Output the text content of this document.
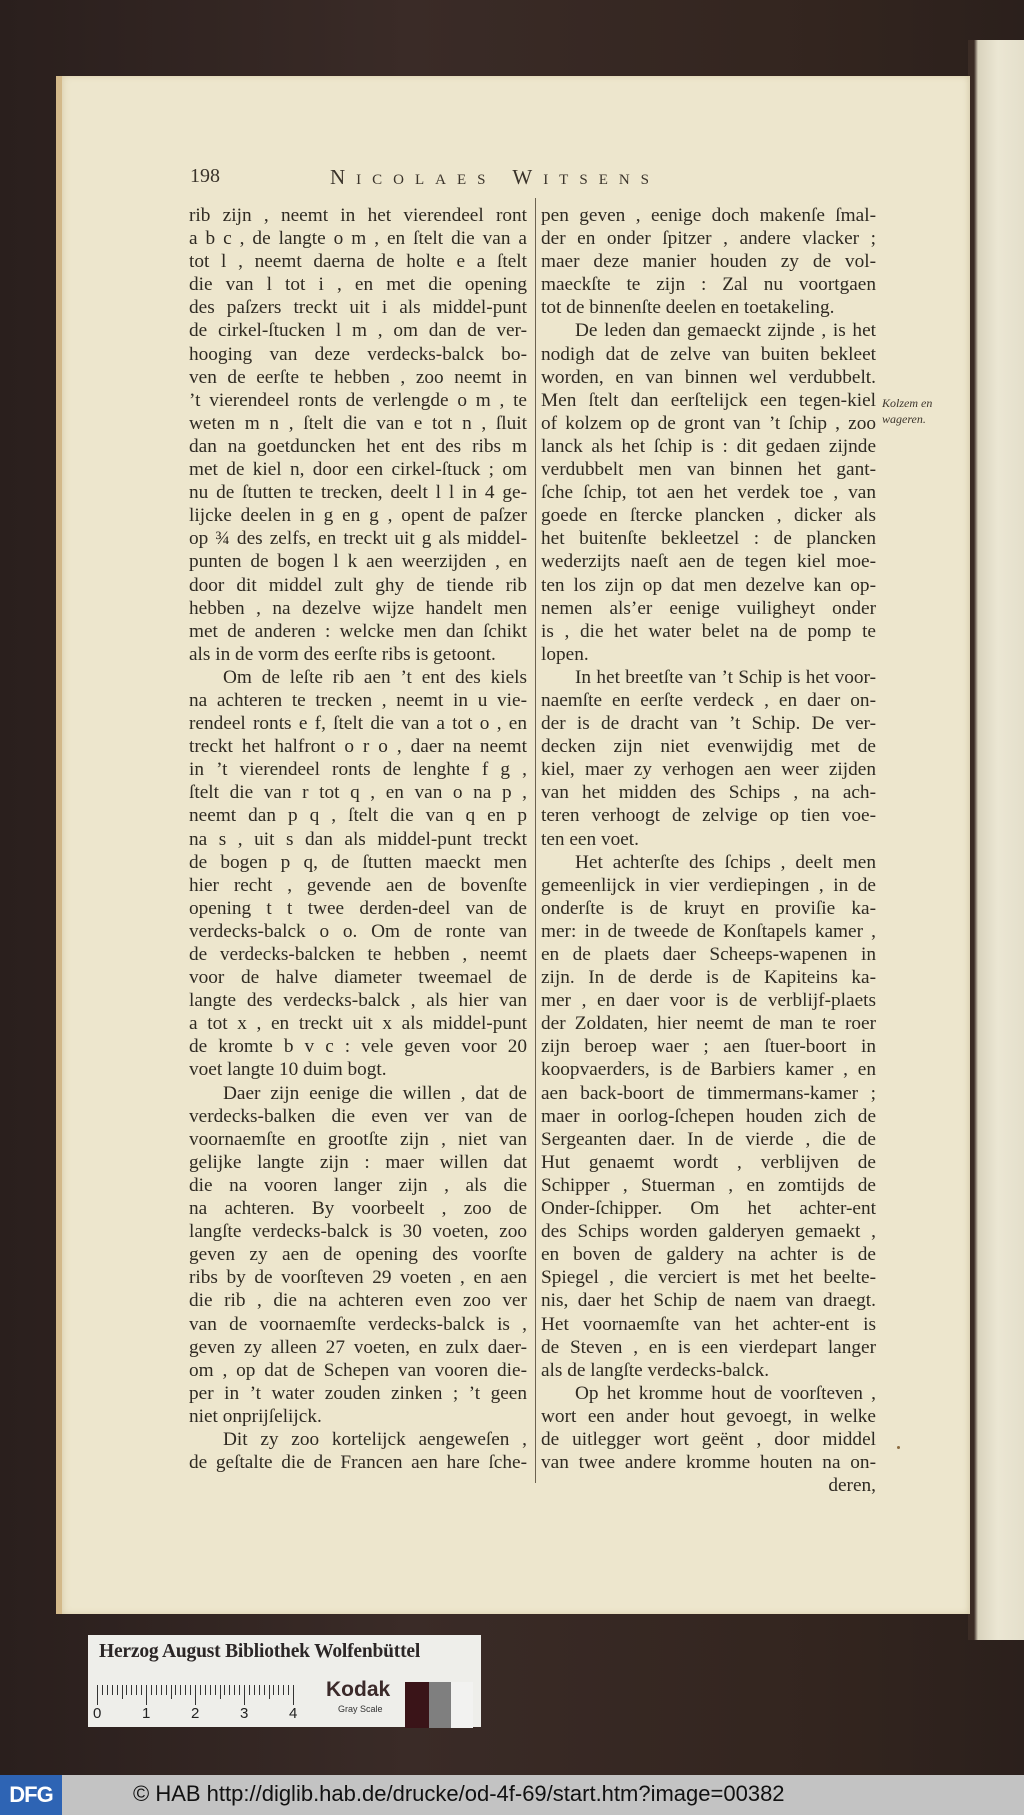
198	Nicolaes Witsens
rib zijn , neemt in het vierendeel ront
a b c , de langte o m , en ſtelt die van a
tot l , neemt daerna de holte e a ſtelt
die van l tot i , en met die opening
des paſzers treckt uit i als middel-punt
de cirkel-ſtucken l m , om dan de ver-
hooging van deze verdecks-balck bo-
ven de eerſte te hebben , zoo neemt in
’t vierendeel ronts de verlengde o m , te
weten m n , ſtelt die van e tot n , ſluit
dan na goetduncken het ent des ribs m
met de kiel n, door een cirkel-ſtuck ; om
nu de ſtutten te trecken, deelt l l in 4 ge-
lijcke deelen in g en g , opent de paſzer
op ¾ des zelfs, en treckt uit g als middel-
punten de bogen l k aen weerzijden , en
door dit middel zult ghy de tiende rib
hebben , na dezelve wijze handelt men
met de anderen : welcke men dan ſchikt
als in de vorm des eerſte ribs is getoont.
Om de leſte rib aen ’t ent des kiels
na achteren te trecken , neemt in u vie-
rendeel ronts e f, ſtelt die van a tot o , en
treckt het halfront o r o , daer na neemt
in ’t vierendeel ronts de lenghte f g ,
ſtelt die van r tot q , en van o na p ,
neemt dan p q , ſtelt die van q en p
na s , uit s dan als middel-punt treckt
de bogen p q, de ſtutten maeckt men
hier recht , gevende aen de bovenſte
opening t t twee derden-deel van de
verdecks-balck o o. Om de ronte van
de verdecks-balcken te hebben , neemt
voor de halve diameter tweemael de
langte des verdecks-balck , als hier van
a tot x , en treckt uit x als middel-punt
de kromte b v c : vele geven voor 20
voet langte 10 duim bogt.
Daer zijn eenige die willen , dat de
verdecks-balken die even ver van de
voornaemſte en grootſte zijn , niet van
gelijke langte zijn : maer willen dat
die na vooren langer zijn , als die
na achteren. By voorbeelt , zoo de
langſte verdecks-balck is 30 voeten, zoo
geven zy aen de opening des voorſte
ribs by de voorſteven 29 voeten , en aen
die rib , die na achteren even zoo ver
van de voornaemſte verdecks-balck is ,
geven zy alleen 27 voeten, en zulx daer-
om , op dat de Schepen van vooren die-
per in ’t water zouden zinken ; ’t geen
niet onprijſelijck.
Dit zy zoo kortelijck aengeweſen ,
de geſtalte die de Francen aen hare ſche-
pen geven , eenige doch makenſe ſmal-
der en onder ſpitzer , andere vlacker ;
maer deze manier houden zy de vol-
maeckſte te zijn : Zal nu voortgaen
tot de binnenſte deelen en toetakeling.
De leden dan gemaeckt zijnde , is het
nodigh dat de zelve van buiten bekleet
worden, en van binnen wel verdubbelt.
Men ſtelt dan eerſtelijck een tegen-kiel
of kolzem op de gront van ’t ſchip , zoo
lanck als het ſchip is : dit gedaen zijnde
verdubbelt men van binnen het gant-
ſche ſchip, tot aen het verdek toe , van
goede en ſtercke plancken , dicker als
het buitenſte bekleetzel : de plancken
wederzijts naeſt aen de tegen kiel moe-
ten los zijn op dat men dezelve kan op-
nemen als’er eenige vuiligheyt onder
is , die het water belet na de pomp te
lopen.
In het breetſte van ’t Schip is het voor-
naemſte en eerſte verdeck , en daer on-
der is de dracht van ’t Schip. De ver-
decken zijn niet evenwijdig met de
kiel, maer zy verhogen aen weer zijden
van het midden des Schips , na ach-
teren verhoogt de zelvige op tien voe-
ten een voet.
Het achterſte des ſchips , deelt men
gemeenlijck in vier verdiepingen , in de
onderſte is de kruyt en proviſie ka-
mer: in de tweede de Konſtapels kamer ,
en de plaets daer Scheeps-wapenen in
zijn. In de derde is de Kapiteins ka-
mer , en daer voor is de verblijf-plaets
der Zoldaten, hier neemt de man te roer
zijn beroep waer ; aen ſtuer-boort in
koopvaerders, is de Barbiers kamer , en
aen back-boort de timmermans-kamer ;
maer in oorlog-ſchepen houden zich de
Sergeanten daer. In de vierde , die de
Hut genaemt wordt , verblijven de
Schipper , Stuerman , en zomtijds de
Onder-ſchipper. Om het achter-ent
des Schips worden galderyen gemaekt ,
en boven de galdery na achter is de
Spiegel , die verciert is met het beelte-
nis, daer het Schip de naem van draegt.
Het voornaemſte van het achter-ent is
de Steven , en is een vierdepart langer
als de langſte verdecks-balck.
Op het kromme hout de voorſteven ,
wort een ander hout gevoegt, in welke
de uitlegger wort geënt , door middel
van twee andere kromme houten na on-
deren,
Kolzem en
wageren.
Herzog August Bibliothek Wolfenbüttel
0	1	2	3	4
Kodak
Gray Scale
DFG	© HAB http://diglib.hab.de/drucke/od-4f-69/start.htm?image=00382
